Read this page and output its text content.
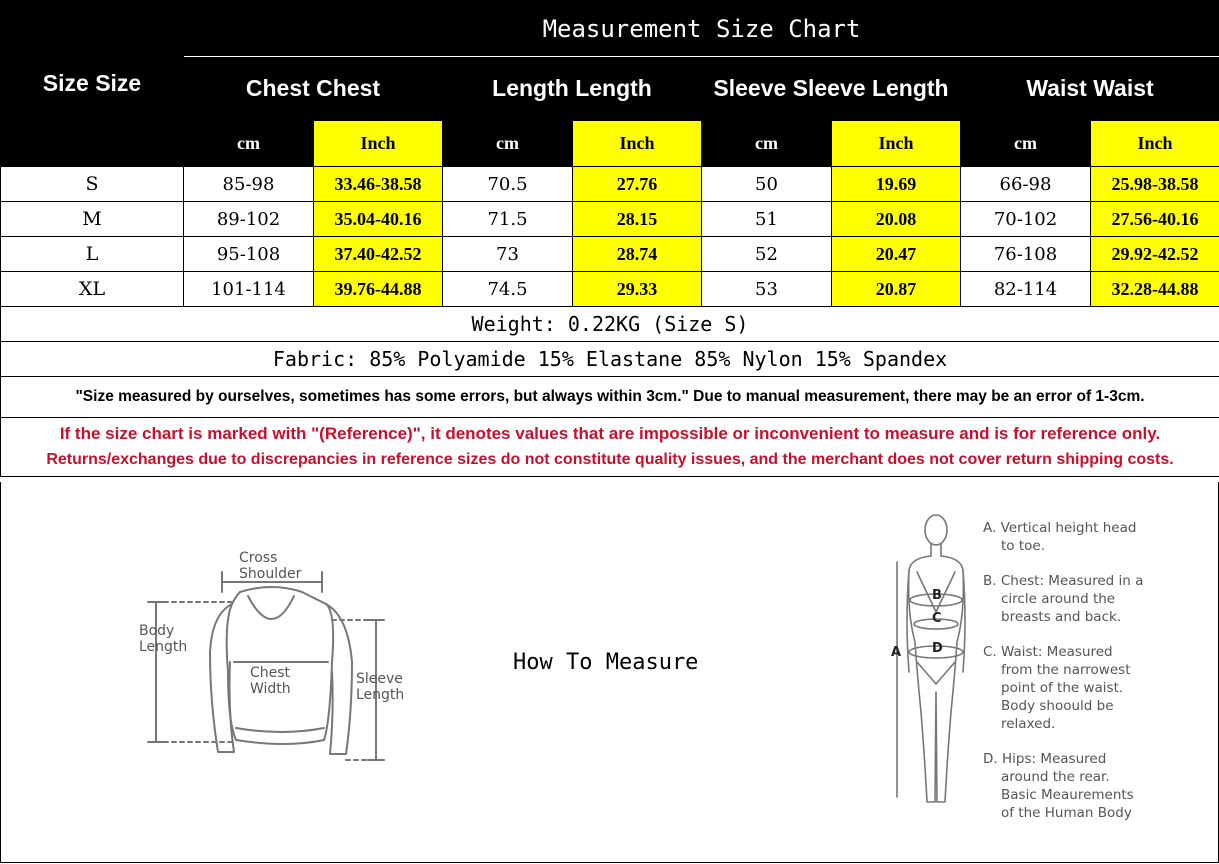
Size Size	Measurement Size Chart							
	Chest Chest		Length Length		Sleeve Sleeve Length		Waist Waist	
	cm	Inch	cm	Inch	cm	Inch	cm	Inch
S	85-98	33.46-38.58	70.5	27.76	50	19.69	66-98	25.98-38.58
M	89-102	35.04-40.16	71.5	28.15	51	20.08	70-102	27.56-40.16
L	95-108	37.40-42.52	73	28.74	52	20.47	76-108	29.92-42.52
XL	101-114	39.76-44.88	74.5	29.33	53	20.87	82-114	32.28-44.88
Weight: 0.22KG (Size S)								
Fabric: 85% Polyamide 15% Elastane 85% Nylon 15% Spandex								
"Size measured by ourselves, sometimes has some errors, but always within 3cm." Due to manual measurement, there may be an error of 1-3cm.								

If the size chart is marked with "(Reference)", it denotes values that are impossible or inconvenient to measure and is for reference only.
Returns/exchanges due to discrepancies in reference sizes do not constitute quality issues, and the merchant does not cover return shipping costs.								
Cross
Shoulder
Body
Length
Chest
Width
Sleeve
Length
How To Measure	A
B
C
D

A. Vertical height head
to toe.

B. Chest: Measured in a
circle around the
breasts and back.

C. Waist: Measured
from the narrowest
point of the waist.
Body shoould be
relaxed.

D. Hips: Measured
around the rear.
Basic Meaurements
of the Human Body
